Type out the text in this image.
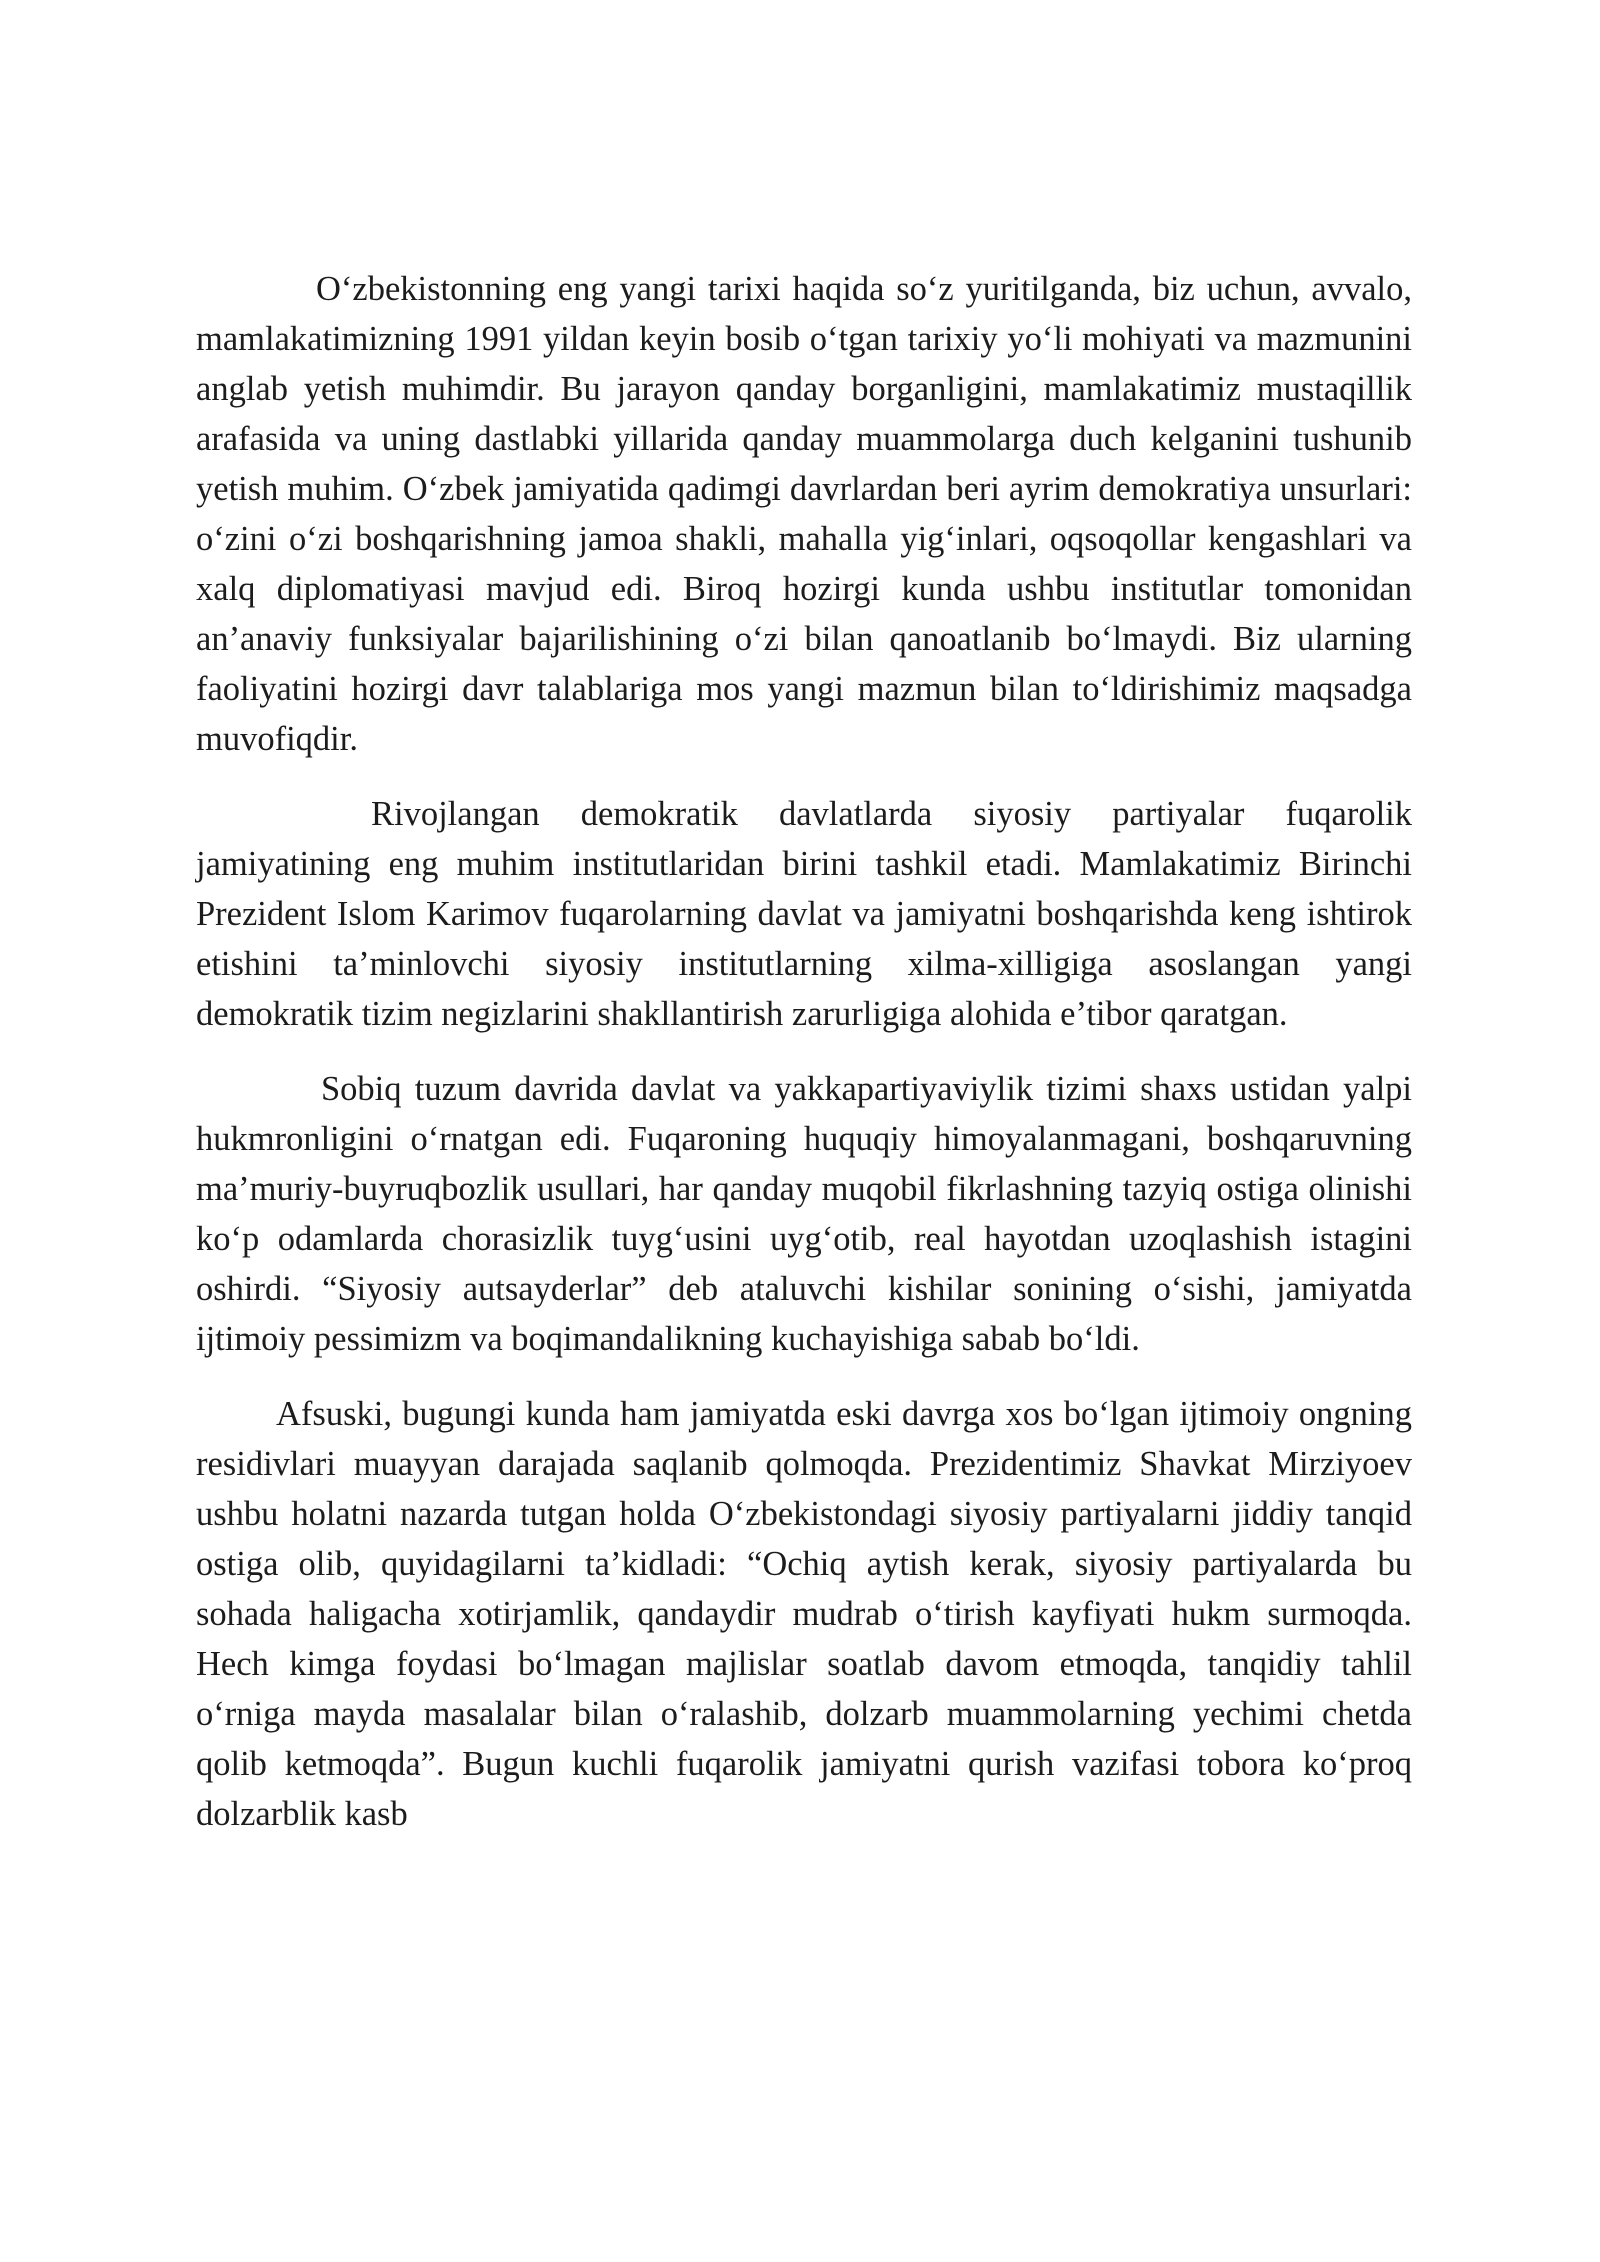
O‘zbekistonning eng yangi tarixi haqida so‘z yuritilganda, biz uchun, avvalo, mamlakatimizning 1991 yildan keyin bosib o‘tgan tarixiy yo‘li mohiyati va mazmunini anglab yetish muhimdir. Bu jarayon qanday borganligini, mamlakatimiz mustaqillik arafasida va uning dastlabki yillarida qanday muammolarga duch kelganini tushunib yetish muhim. O‘zbek jamiyatida qadimgi davrlardan beri ayrim demokratiya unsurlari: o‘zini o‘zi boshqarishning jamoa shakli, mahalla yig‘inlari, oqsoqollar kengashlari va xalq diplomatiyasi mavjud edi. Biroq hozirgi kunda ushbu institutlar tomonidan an’anaviy funksiyalar bajarilishining o‘zi bilan qanoatlanib bo‘lmaydi. Biz ularning faoliyatini hozirgi davr talablariga mos yangi mazmun bilan to‘ldirishimiz maqsadga muvofiqdir.

Rivojlangan demokratik davlatlarda siyosiy partiyalar fuqarolik jamiyatining eng muhim institutlaridan birini tashkil etadi. Mamlakatimiz Birinchi Prezident Islom Karimov fuqarolarning davlat va jamiyatni boshqarishda keng ishtirok etishini ta’minlovchi siyosiy institutlarning xilma-xilligiga asoslangan yangi demokratik tizim negizlarini shakllantirish zarurligiga alohida e’tibor qaratgan.

Sobiq tuzum davrida davlat va yakkapartiyaviylik tizimi shaxs ustidan yalpi hukmronligini o‘rnatgan edi. Fuqaroning huquqiy himoyalanmagani, boshqaruvning ma’muriy-buyruqbozlik usullari, har qanday muqobil fikrlashning tazyiq ostiga olinishi ko‘p odamlarda chorasizlik tuyg‘usini uyg‘otib, real hayotdan uzoqlashish istagini oshirdi. “Siyosiy autsayderlar” deb ataluvchi kishilar sonining o‘sishi, jamiyatda ijtimoiy pessimizm va boqimandalikning kuchayishiga sabab bo‘ldi.

Afsuski, bugungi kunda ham jamiyatda eski davrga xos bo‘lgan ijtimoiy ongning residivlari muayyan darajada saqlanib qolmoqda. Prezidentimiz Shavkat Mirziyoev ushbu holatni nazarda tutgan holda O‘zbekistondagi siyosiy partiyalarni jiddiy tanqid ostiga olib, quyidagilarni ta’kidladi: “Ochiq aytish kerak, siyosiy partiyalarda bu sohada haligacha xotirjamlik, qandaydir mudrab o‘tirish kayfiyati hukm surmoqda. Hech kimga foydasi bo‘lmagan majlislar soatlab davom etmoqda, tanqidiy tahlil o‘rniga mayda masalalar bilan o‘ralashib, dolzarb muammolarning yechimi chetda qolib ketmoqda”. Bugun kuchli fuqarolik jamiyatni qurish vazifasi tobora ko‘proq dolzarblik kasb
